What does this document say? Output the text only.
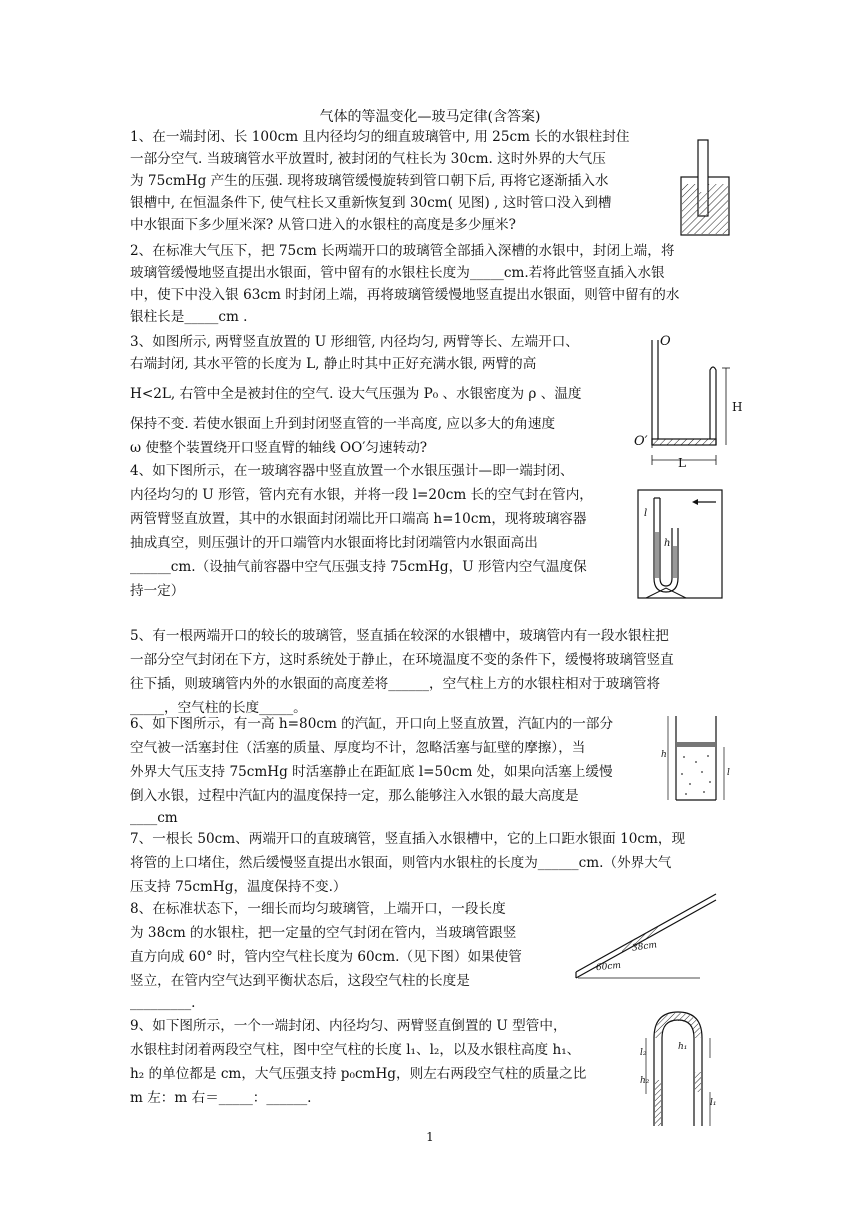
气体的等温变化—玻马定律(含答案)

1、在一端封闭、长 100cm 且内径均匀的细直玻璃管中, 用 25cm 长的水银柱封住

一部分空气. 当玻璃管水平放置时, 被封闭的气柱长为 30cm. 这时外界的大气压

为 75cmHg 产生的压强. 现将玻璃管缓慢旋转到管口朝下后, 再将它逐渐插入水

银槽中, 在恒温条件下, 使气柱长又重新恢复到 30cm( 见图) , 这时管口没入到槽

中水银面下多少厘米深? 从管口进入的水银柱的高度是多少厘米?

2、在标准大气压下，把 75cm 长两端开口的玻璃管全部插入深槽的水银中，封闭上端，将

玻璃管缓慢地竖直提出水银面，管中留有的水银柱长度为_____cm.若将此管竖直插入水银

中，使下中没入银 63cm 时封闭上端，再将玻璃管缓慢地竖直提出水银面，则管中留有的水

银柱长是_____cm .

3、如图所示, 两臂竖直放置的 U 形细管, 内径均匀, 两臂等长、左端开口、

右端封闭, 其水平管的长度为 L, 静止时其中正好充满水银, 两臂的高

H<2L, 右管中全是被封住的空气. 设大气压强为 P₀ 、水银密度为 ρ 、温度

保持不变. 若使水银面上升到封闭竖直管的一半高度, 应以多大的角速度

ω 使整个装置绕开口竖直臂的轴线 OO′匀速转动?

O
O′
H
L

4、如下图所示，在一玻璃容器中竖直放置一个水银压强计—即一端封闭、

内径均匀的 U 形管，管内充有水银，并将一段 l=20cm 长的空气封在管内，

两管臂竖直放置，其中的水银面封闭端比开口端高 h=10cm，现将玻璃容器

抽成真空，则压强计的开口端管内水银面将比封闭端管内水银面高出

______cm.（设抽气前容器中空气压强支持 75cmHg，U 形管内空气温度保

持一定）

l
h

5、有一根两端开口的较长的玻璃管，竖直插在较深的水银槽中，玻璃管内有一段水银柱把

一部分空气封闭在下方，这时系统处于静止，在环境温度不变的条件下，缓慢将玻璃管竖直

往下插，则玻璃管内外的水银面的高度差将______，空气柱上方的水银柱相对于玻璃管将

_____，空气柱的长度_____。

6、如下图所示，有一高 h=80cm 的汽缸，开口向上竖直放置，汽缸内的一部分

空气被一活塞封住（活塞的质量、厚度均不计，忽略活塞与缸壁的摩擦），当

外界大气压支持 75cmHg 时活塞静止在距缸底 l=50cm 处，如果向活塞上缓慢

倒入水银，过程中汽缸内的温度保持一定，那么能够注入水银的最大高度是

____cm

h
l

7、一根长 50cm、两端开口的直玻璃管，竖直插入水银槽中，它的上口距水银面 10cm，现

将管的上口堵住，然后缓慢竖直提出水银面，则管内水银柱的长度为______cm.（外界大气

压支持 75cmHg，温度保持不变.）

8、在标准状态下，一细长而均匀玻璃管，上端开口，一段长度

为 38cm 的水银柱，把一定量的空气封闭在管内，当玻璃管跟竖

直方向成 60° 时，管内空气柱长度为 60cm.（见下图）如果使管

竖立，在管内空气达到平衡状态后，这段空气柱的长度是

_________.

38cm
60cm

9、如下图所示，一个一端封闭、内径均匀、两臂竖直倒置的 U 型管中，

水银柱封闭着两段空气柱，图中空气柱的长度 l₁、l₂，以及水银柱高度 h₁、

h₂ 的单位都是 cm，大气压强支持 p₀cmHg，则左右两段空气柱的质量之比

m 左：m 右＝_____：______.

l₂
h₂
h₁
l₁
1
